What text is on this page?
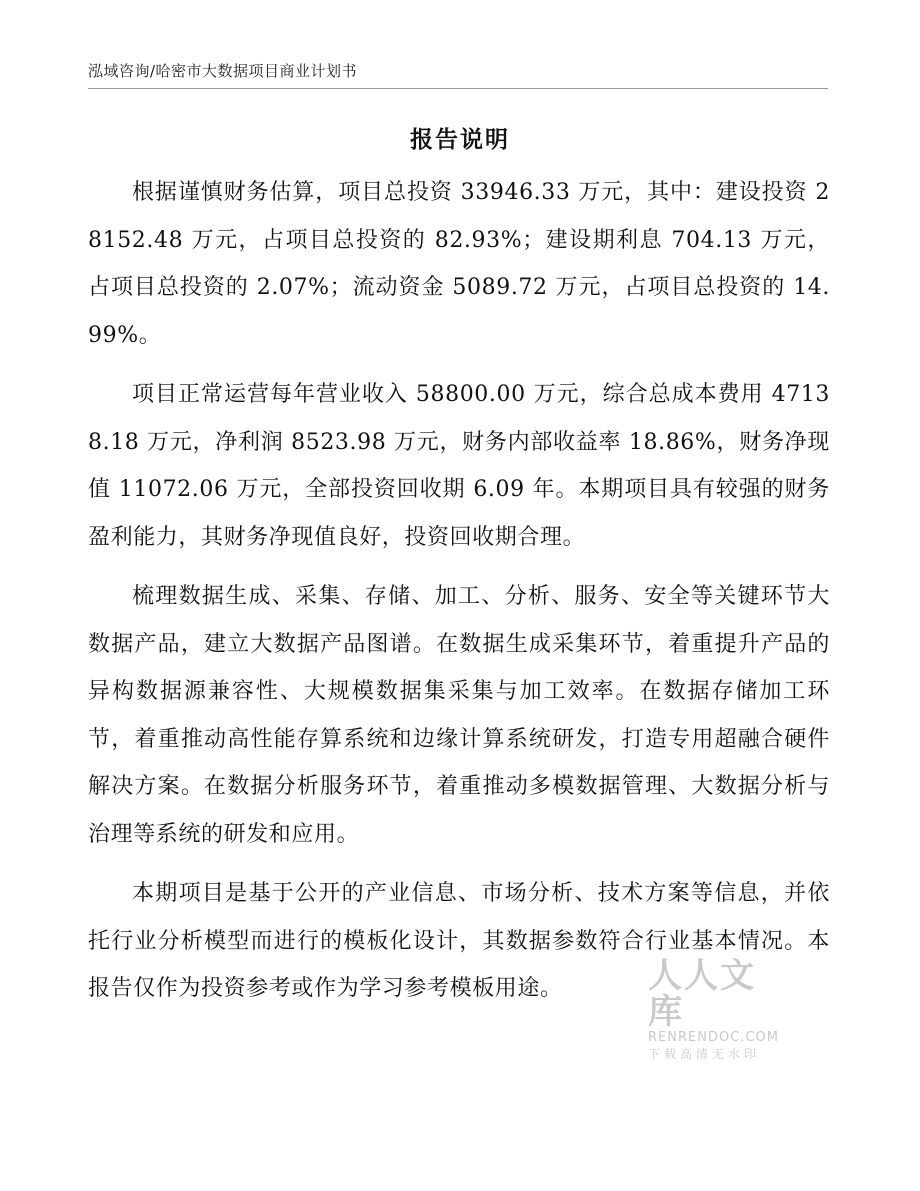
泓域咨询/哈密市大数据项目商业计划书
报告说明

根据谨慎财务估算，项目总投资 33946.33 万元，其中：建设投资 28152.48 万元，占项目总投资的 82.93%；建设期利息 704.13 万元，占项目总投资的 2.07%；流动资金 5089.72 万元，占项目总投资的 14.99%。

项目正常运营每年营业收入 58800.00 万元，综合总成本费用 47138.18 万元，净利润 8523.98 万元，财务内部收益率 18.86%，财务净现值 11072.06 万元，全部投资回收期 6.09 年。本期项目具有较强的财务盈利能力，其财务净现值良好，投资回收期合理。

梳理数据生成、采集、存储、加工、分析、服务、安全等关键环节大数据产品，建立大数据产品图谱。在数据生成采集环节，着重提升产品的异构数据源兼容性、大规模数据集采集与加工效率。在数据存储加工环节，着重推动高性能存算系统和边缘计算系统研发，打造专用超融合硬件解决方案。在数据分析服务环节，着重推动多模数据管理、大数据分析与治理等系统的研发和应用。

本期项目是基于公开的产业信息、市场分析、技术方案等信息，并依托行业分析模型而进行的模板化设计，其数据参数符合行业基本情况。本报告仅作为投资参考或作为学习参考模板用途。	人人文库
RENRENDOC.COM
下载高清无水印
